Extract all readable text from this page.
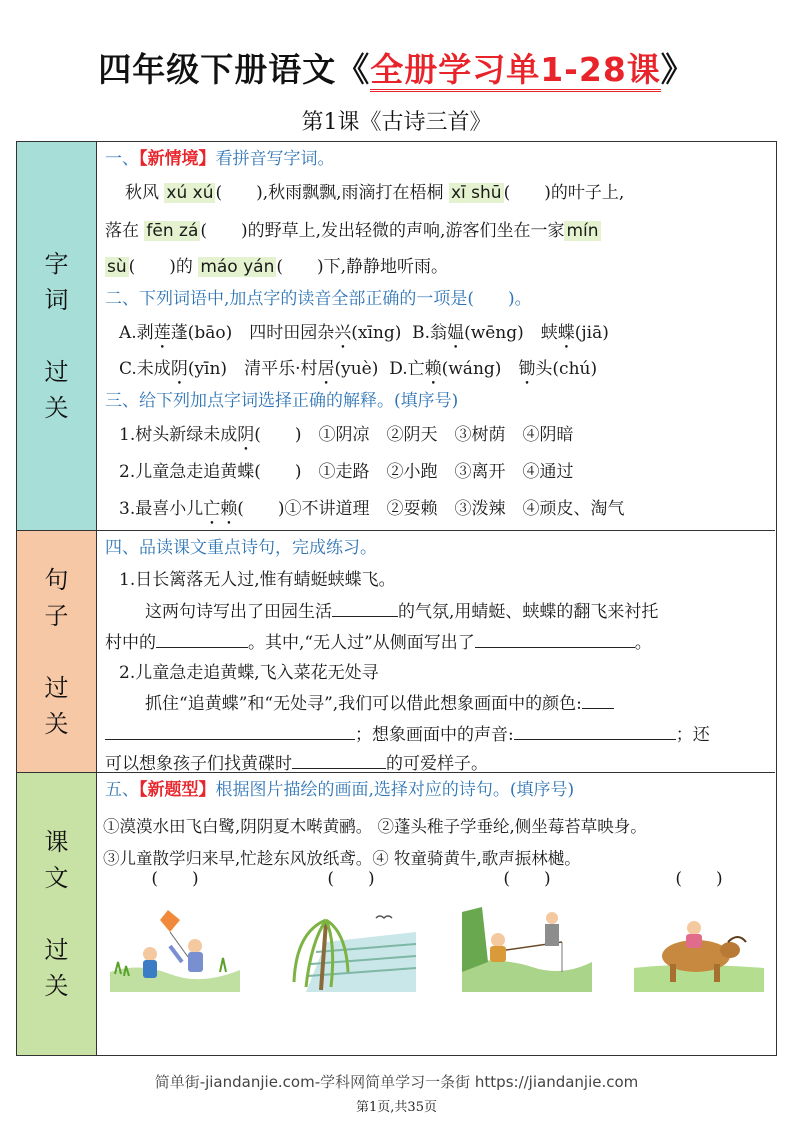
四年级下册语文《全册学习单1-28课》
第1课《古诗三首》
字词

过关
一、【新情境】看拼音写字词。
秋风 xú xú (　　),秋雨飘飘,雨滴打在梧桐 xī shū (　　)的叶子上,
落在 fēn zá (　　)的野草上,发出轻微的声响,游客们坐在一家 mín
sù (　　)的 máo yán (　　)下,静静地听雨。
二、下列词语中,加点字的读音全部正确的一项是(　　)。
A.剥莲蓬(bāo)　四时田园杂兴(xīng) B.翁媪(wēng)　蛱蝶(jiā)
C.未成阴(yīn)　清平乐·村居(yuè) D.亡赖(wáng)　锄头(chú)
三、给下列加点字词选择正确的解释。(填序号)
1.树头新绿未成阴(　　)　①阴凉　②阴天　③树荫　④阴暗
2.儿童急走追黄蝶(　　)　①走路　②小跑　③离开　④通过
3.最喜小儿亡赖(　　)①不讲道理　②耍赖　③泼辣　④顽皮、淘气
句子

过关
四、品读课文重点诗句，完成练习。
1.日长篱落无人过,惟有蜻蜓蛱蝶飞。
这两句诗写出了田园生活	的气氛,用蜻蜓、蛱蝶的翻飞来衬托
村中的	。其中,“无人过”从侧面写出了	。
2.儿童急走追黄蝶,飞入菜花无处寻
抓住“追黄蝶”和“无处寻”,我们可以借此想象画面中的颜色:
；想象画面中的声音:	；还
可以想象孩子们找黄碟时	的可爱样子。
课文

过关
五、【新题型】根据图片描绘的画面,选择对应的诗句。(填序号)
①漠漠水田飞白鹭,阴阴夏木啭黄鹂。 ②蓬头稚子学垂纶,侧坐莓苔草映身。
③儿童散学归来早,忙趁东风放纸鸢。④ 牧童骑黄牛,歌声振林樾。
(　　)	(　　)	(　　)	(　　)
简单街-jiandanjie.com-学科网简单学习一条街 https://jiandanjie.com
第1页,共35页
